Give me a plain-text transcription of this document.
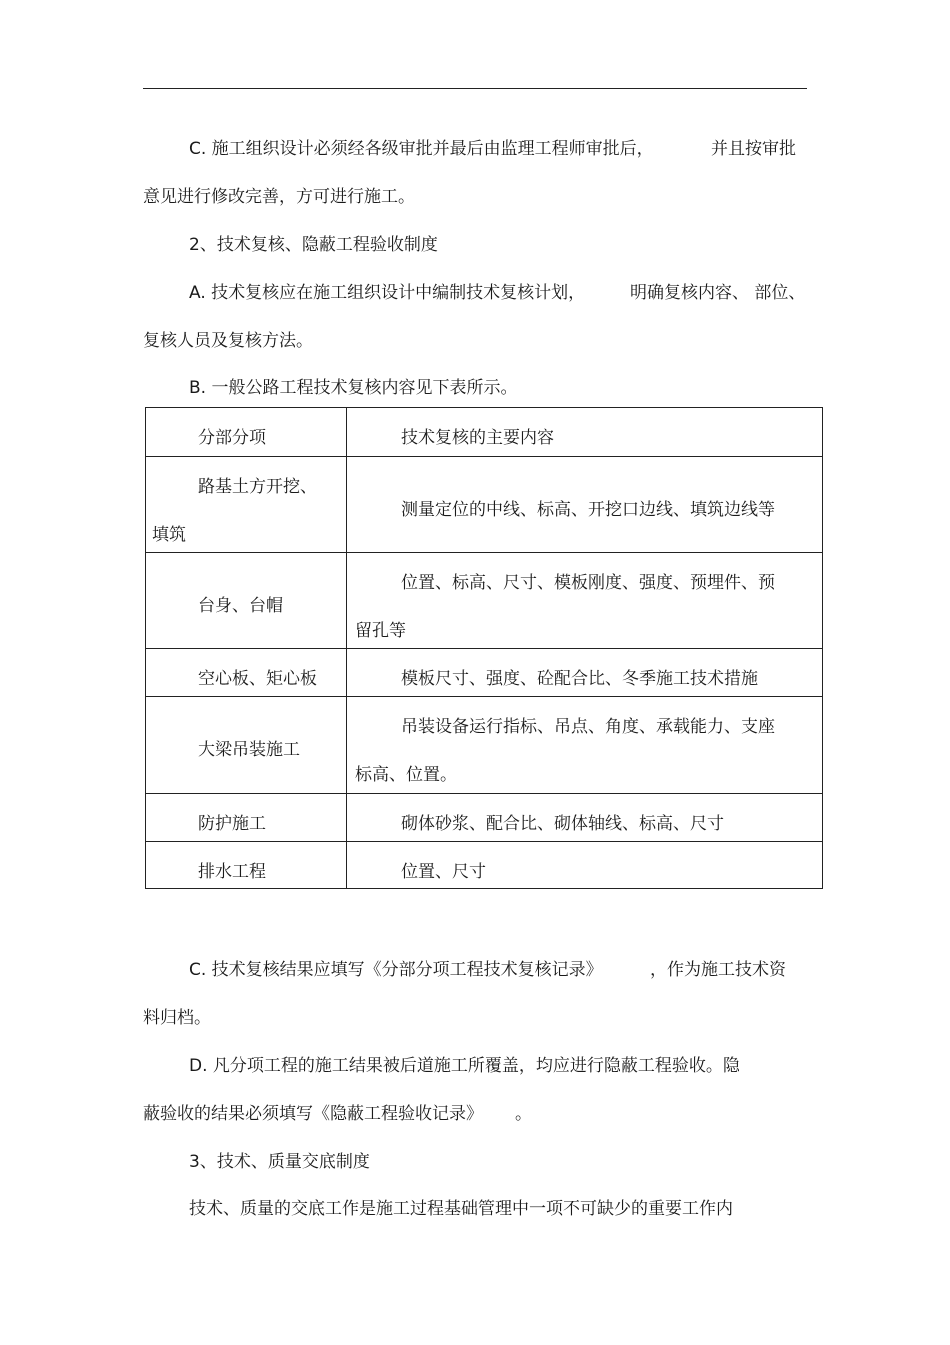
C. 施工组织设计必须经各级审批并最后由监理工程师审批后，	并且按审批
意见进行修改完善，方可进行施工。
2、技术复核、隐蔽工程验收制度
A. 技术复核应在施工组织设计中编制技术复核计划，	明确复核内容、 部位、
复核人员及复核方法。
B. 一般公路工程技术复核内容见下表所示。
分部分项	技术复核的主要内容

路基土方开挖、
填筑	测量定位的中线、标高、开挖口边线、填筑边线等

台身、台帽	位置、标高、尺寸、模板刚度、强度、预埋件、预
留孔等

空心板、矩心板	模板尺寸、强度、砼配合比、冬季施工技术措施

大梁吊装施工	吊装设备运行指标、吊点、角度、承载能力、支座
标高、位置。

防护施工	砌体砂浆、配合比、砌体轴线、标高、尺寸

排水工程	位置、尺寸
C. 技术复核结果应填写《分部分项工程技术复核记录》	，作为施工技术资
料归档。
D. 凡分项工程的施工结果被后道施工所覆盖，均应进行隐蔽工程验收。隐
蔽验收的结果必须填写《隐蔽工程验收记录》 。
3、技术、质量交底制度
技术、质量的交底工作是施工过程基础管理中一项不可缺少的重要工作内
